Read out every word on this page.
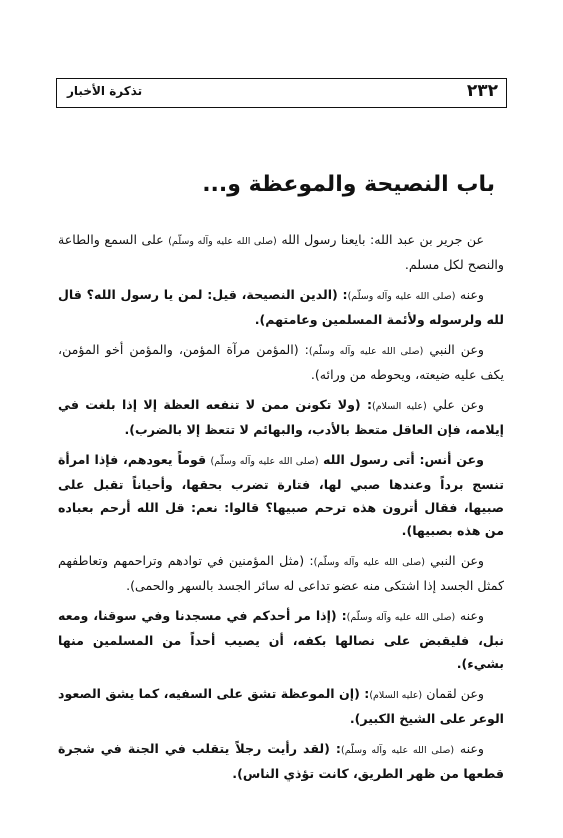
٢٣٢
تذكرة الأخبار
باب النصيحة والموعظة و...

عن جرير بن عبد الله: بايعنا رسول الله (صلى الله عليه وآله وسلّم) على السمع والطاعة والنصح لكل مسلم.

وعنه (صلى الله عليه وآله وسلّم): (الدين النصيحة، قيل: لمن يا رسول الله؟ قال لله ولرسوله ولأئمة المسلمين وعامتهم).

وعن النبي (صلى الله عليه وآله وسلّم): (المؤمن مرآة المؤمن، والمؤمن أخو المؤمن، يكف عليه ضيعته، ويحوطه من ورائه).

وعن علي (عليه السلام): (ولا تكونن ممن لا تنفعه العظة إلا إذا بلغت في إيلامه، فإن العاقل متعظ بالأدب، والبهائم لا تتعظ إلا بالضرب).

وعن أنس: أتى رسول الله (صلى الله عليه وآله وسلّم) قوماً يعودهم، فإذا امرأة تنسج برداً وعندها صبي لها، فتارة تضرب بحقها، وأحياناً تقبل على صبيها، فقال أترون هذه ترحم صبيها؟ قالوا: نعم: قل الله أرحم بعباده من هذه بصبيها).

وعن النبي (صلى الله عليه وآله وسلّم): (مثل المؤمنين في توادهم وتراحمهم وتعاطفهم كمثل الجسد إذا اشتكى منه عضو تداعى له سائر الجسد بالسهر والحمى).

وعنه (صلى الله عليه وآله وسلّم): (إذا مر أحدكم في مسجدنا وفي سوقنا، ومعه نبل، فليقبض على نصالها بكفه، أن يصيب أحداً من المسلمين منها بشيء).

وعن لقمان (عليه السلام): (إن الموعظة تشق على السفيه، كما يشق الصعود الوعر على الشيخ الكبير).

وعنه (صلى الله عليه وآله وسلّم): (لقد رأيت رجلاً يتقلب في الجنة في شجرة قطعها من ظهر الطريق، كانت تؤذي الناس).
